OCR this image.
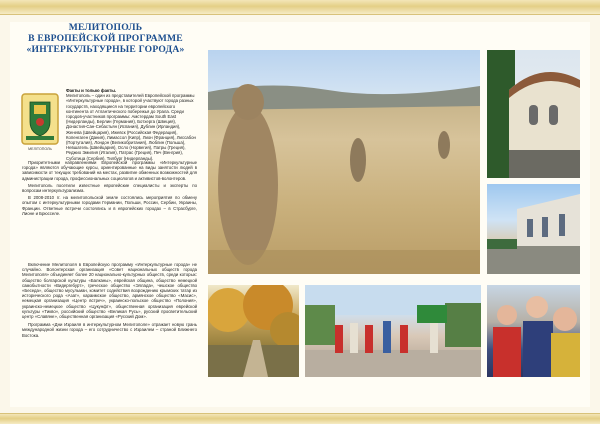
МЕЛИТОПОЛЬ
В ЕВРОПЕЙСКОЙ ПРОГРАММЕ
«ИНТЕРКУЛЬТУРНЫЕ ГОРОДА»
МЕЛІТОПОЛЬ
Факты и только факты.
Мелитополь – один из представителей Европейской программы «Интеркультурные города», в которой участвуют города разных государств, находящиеся на территории европейского континента от Атлантического побережья до Урала. Среди городов-участников программы: Амстердам South East (Нидерланды), Берлин (Германия), Ботхерга (Швеция), Донастия-Сан-Себастьян (Испания), Дублин (Ирландия), Женева (Швейцария), Ижевск (Российская Федерация), Копенгаген (Дания), Лимассол (Кипр), Лион (Франция), Лиссабон (Португалия), Лондон (Великобритания), Люблин (Польша), Невшатель (Швейцария), Осло (Норвегия), Патры (Греция), Реджио Эмилия (Италия), Патрас (Греция), Печ (Венгрия), Суботица (Сербия), Тилбург (Нидерланды).

Приоритетными направлениями Европейской программы «Интеркультурные города» являются обучающие курсы, ориентированные на виды занятости людей в зависимости от текущих требований на местах, развитие обменных возможностей для администрации города, профессиональных социологов и активистов-волонтеров.

Мелитополь посетили известные европейские специалисты и эксперты по вопросам интеркультурализма.

В 2008-2010 гг. на мелитопольской земле состоялись мероприятия по обмену опытом с интеркультурными городами Германии, Польши, России, Сербии, Украины, Франции. Ответные встречи состоялись и в европейских городах – в Страсбурге, Лионе и Брюсселе.

Включение Мелитополя в Европейскую программу «Интеркультурные города» не случайно. Волонтерская организация «Совет национальных обществ города Мелитополя» объединяет более 20 национально-культурных обществ, среди которых: общество болгарской культуры «Балканы», еврейская община, общество немецкой самобытности «Видергебурт», греческое общество «Эллада», чешское общество «Беседа», общество мусульман, комитет содействия возрождению крымских татар из исторического рода «Азат», караимское общество, армянское общество «Масис», немецкая организация «Центр встреч», украинско-польское общество «Полония», украинско-немецкое общество «Цукунфт», общественная организация еврейской культуры «Тикво», российский общество «Великая Русь», русский просветительский центр «Славяне», общественная организация «Русский Дом».

Программа «Дни Израиля в интеркультурном Мелитополе» отражает новую грань международной жизни города – его сотрудничество с Израилем – страной Ближнего Востока.
